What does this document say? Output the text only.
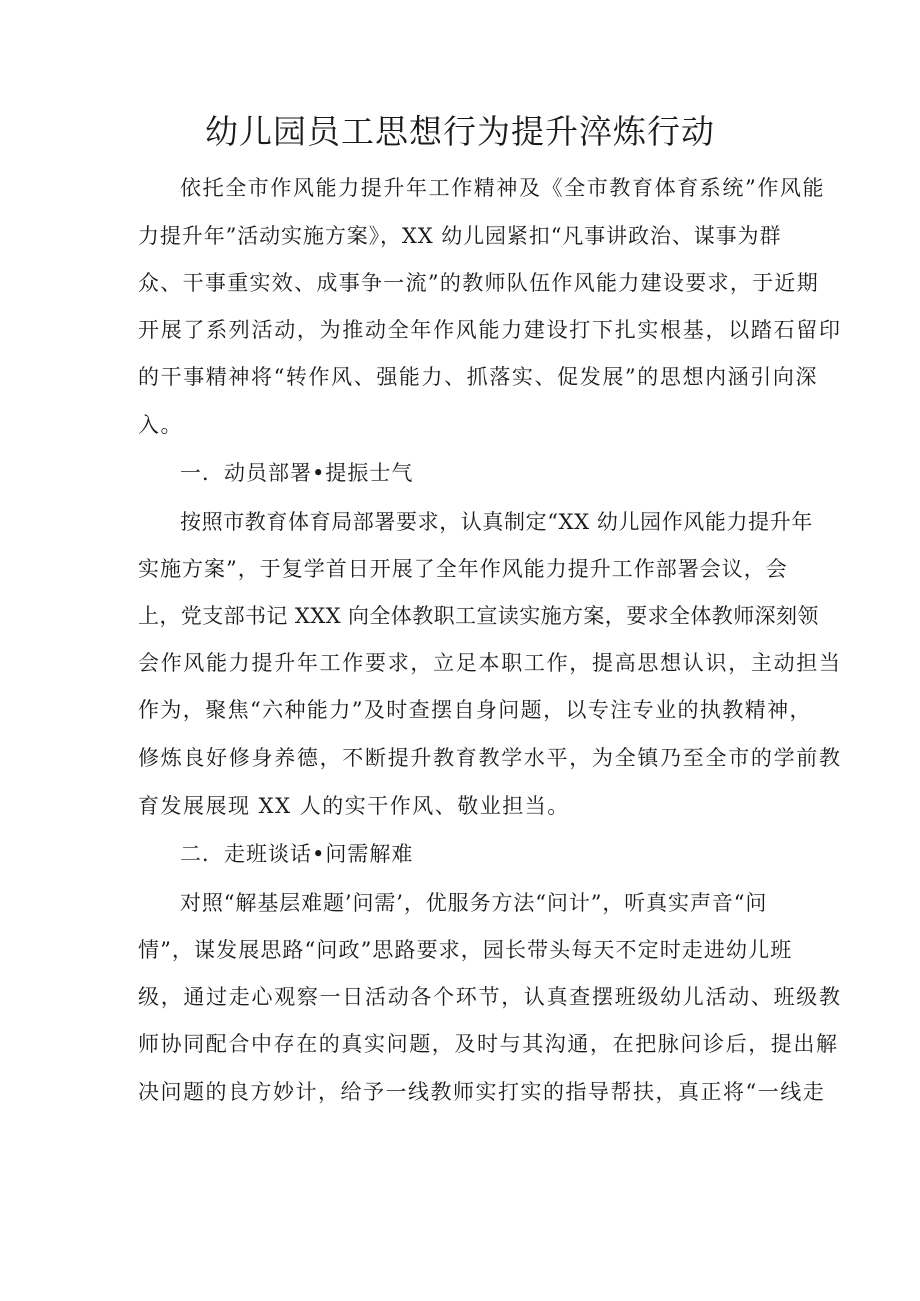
幼儿园员工思想行为提升淬炼行动

依托全市作风能力提升年工作精神及《全市教育体育系统”作风能

力提升年”活动实施方案》，XX 幼儿园紧扣“凡事讲政治、谋事为群

众、干事重实效、成事争一流”的教师队伍作风能力建设要求，于近期

开展了系列活动，为推动全年作风能力建设打下扎实根基，以踏石留印

的干事精神将“转作风、强能力、抓落实、促发展”的思想内涵引向深

入。

一．动员部署•提振士气

按照市教育体育局部署要求，认真制定“XX 幼儿园作风能力提升年

实施方案”，于复学首日开展了全年作风能力提升工作部署会议，会

上，党支部书记 XXX 向全体教职工宣读实施方案，要求全体教师深刻领

会作风能力提升年工作要求，立足本职工作，提高思想认识，主动担当

作为，聚焦“六种能力”及时查摆自身问题，以专注专业的执教精神，

修炼良好修身养德，不断提升教育教学水平，为全镇乃至全市的学前教

育发展展现 XX 人的实干作风、敬业担当。

二．走班谈话•问需解难

对照“解基层难题’问需’，优服务方法“问计”，听真实声音“问

情”，谋发展思路“问政”思路要求，园长带头每天不定时走进幼儿班

级，通过走心观察一日活动各个环节，认真查摆班级幼儿活动、班级教

师协同配合中存在的真实问题，及时与其沟通，在把脉问诊后，提出解

决问题的良方妙计，给予一线教师实打实的指导帮扶，真正将“一线走
